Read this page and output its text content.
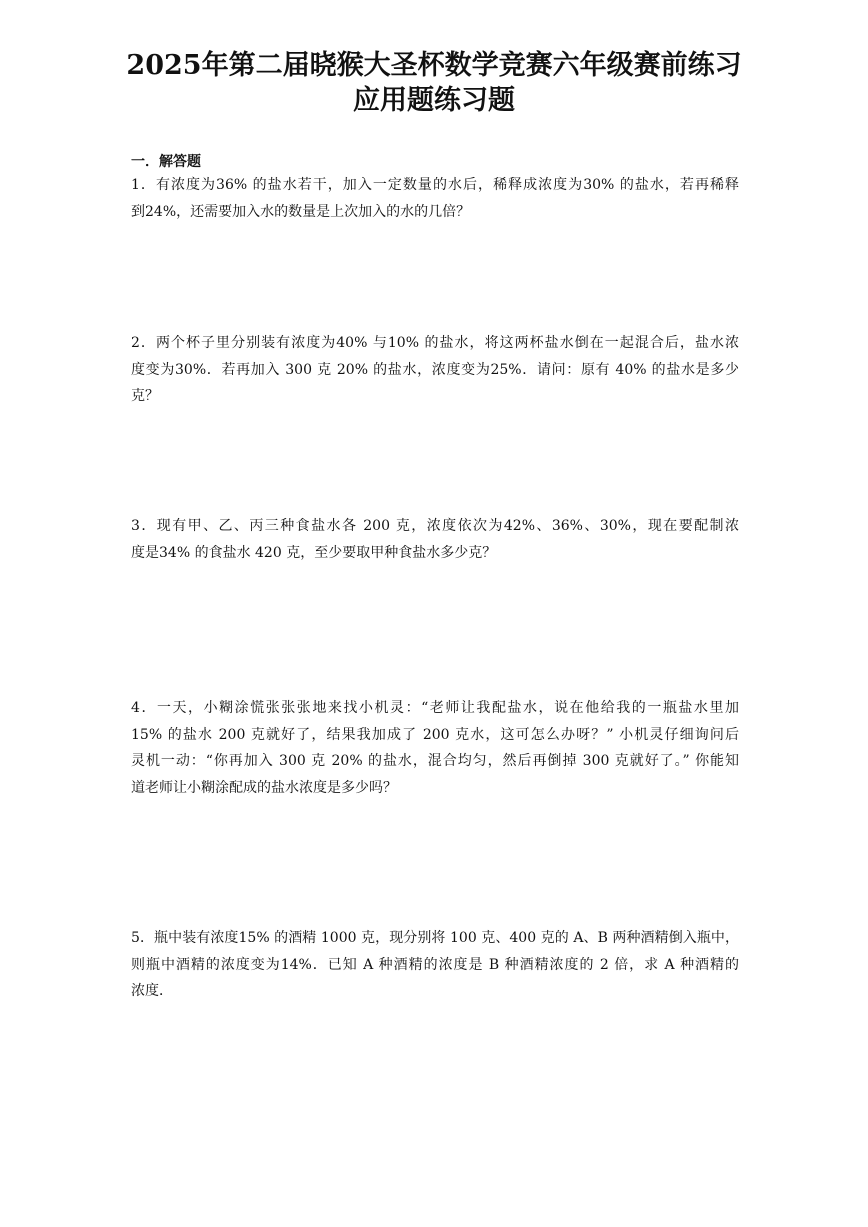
2025年第二届晓猴大圣杯数学竞赛六年级赛前练习
应用题练习题
一．解答题
1．有浓度为36% 的盐水若干，加入一定数量的水后，稀释成浓度为30% 的盐水，若再稀释
到24%，还需要加入水的数量是上次加入的水的几倍？
2．两个杯子里分别装有浓度为40% 与10% 的盐水，将这两杯盐水倒在一起混合后，盐水浓
度变为30%．若再加入 300 克 20% 的盐水，浓度变为25%．请问：原有 40% 的盐水是多少
克？
3．现有甲、乙、丙三种食盐水各 200 克，浓度依次为42%、36%、30%，现在要配制浓
度是34% 的食盐水 420 克，至少要取甲种食盐水多少克？
4．一天，小糊涂慌张张张地来找小机灵：“老师让我配盐水，说在他给我的一瓶盐水里加
15% 的盐水 200 克就好了，结果我加成了 200 克水，这可怎么办呀？” 小机灵仔细询问后
灵机一动：“你再加入 300 克 20% 的盐水，混合均匀，然后再倒掉 300 克就好了。” 你能知
道老师让小糊涂配成的盐水浓度是多少吗？
5．瓶中装有浓度15% 的酒精 1000 克，现分别将 100 克、400 克的 A、B 两种酒精倒入瓶中，
则瓶中酒精的浓度变为14%．已知 A 种酒精的浓度是 B 种酒精浓度的 2 倍，求 A 种酒精的
浓度．
